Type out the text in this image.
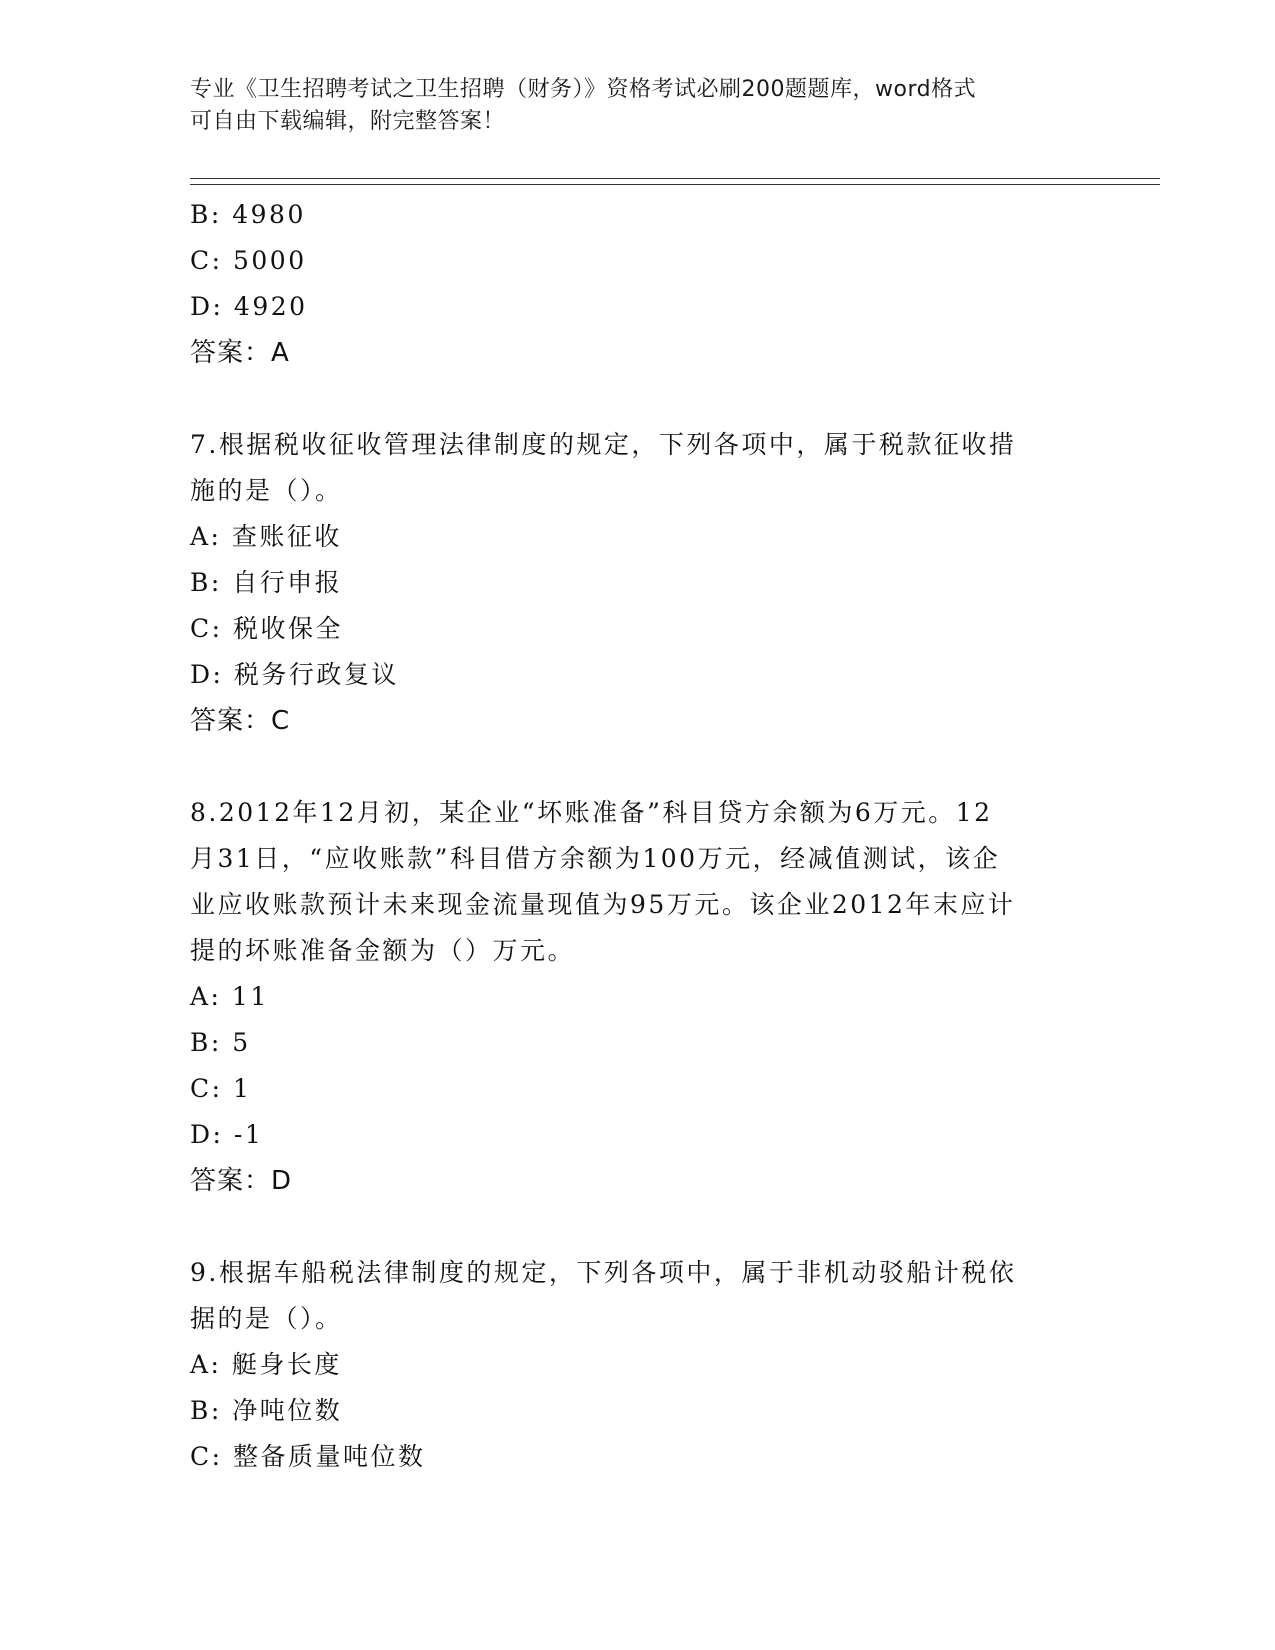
专业《卫生招聘考试之卫生招聘（财务）》资格考试必刷200题题库，word格式
可自由下载编辑，附完整答案！
B: 4980
C: 5000
D: 4920
答案：A
7.根据税收征收管理法律制度的规定，下列各项中，属于税款征收措
施的是（）。
A: 查账征收
B: 自行申报
C: 税收保全
D: 税务行政复议
答案：C
8.2012年12月初，某企业“坏账准备”科目贷方余额为6万元。12
月31日，“应收账款”科目借方余额为100万元，经减值测试，该企
业应收账款预计未来现金流量现值为95万元。该企业2012年末应计
提的坏账准备金额为（）万元。
A: 11
B: 5
C: 1
D: -1
答案：D
9.根据车船税法律制度的规定，下列各项中，属于非机动驳船计税依
据的是（）。
A: 艇身长度
B: 净吨位数
C: 整备质量吨位数
